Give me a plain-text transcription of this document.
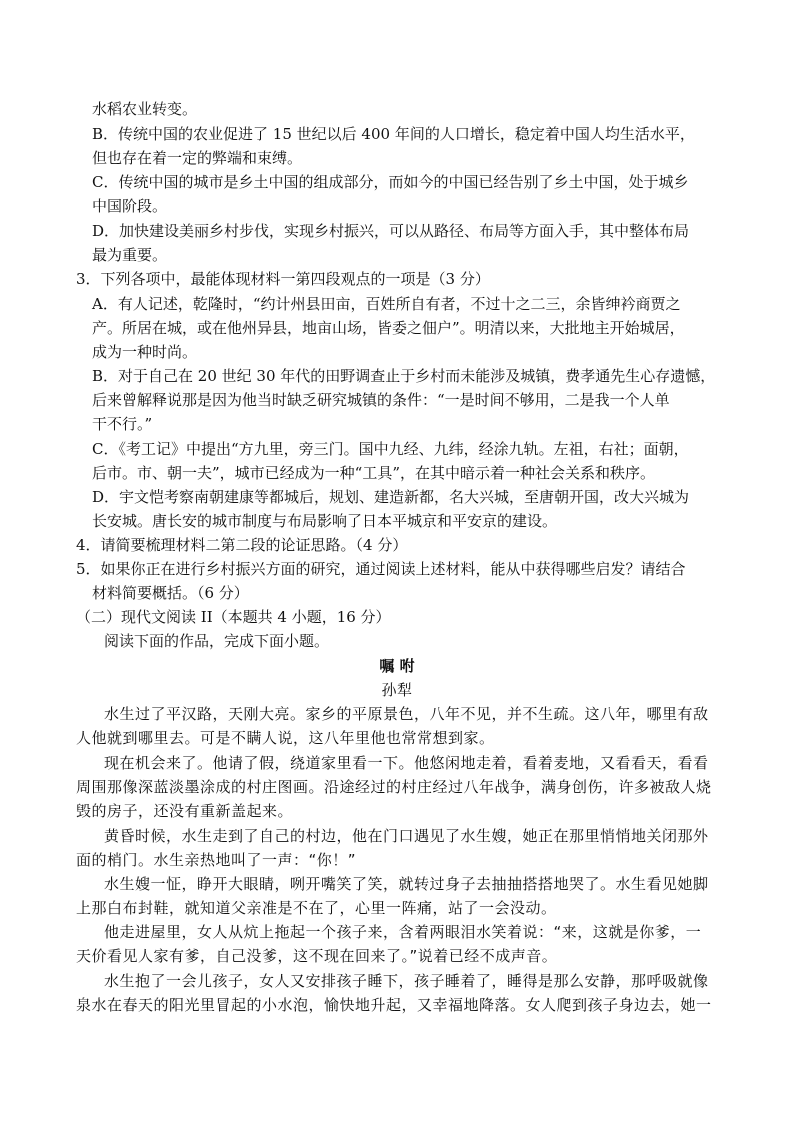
水稻农业转变。
B．传统中国的农业促进了 15 世纪以后 400 年间的人口增长，稳定着中国人均生活水平，
但也存在着一定的弊端和束缚。
C．传统中国的城市是乡土中国的组成部分，而如今的中国已经告别了乡土中国，处于城乡
中国阶段。
D．加快建设美丽乡村步伐，实现乡村振兴，可以从路径、布局等方面入手，其中整体布局
最为重要。
3．下列各项中，最能体现材料一第四段观点的一项是（3 分）
A．有人记述，乾隆时，“约计州县田亩，百姓所自有者，不过十之二三，余皆绅衿商贾之
产。所居在城，或在他州异县，地亩山场，皆委之佃户”。明清以来，大批地主开始城居，
成为一种时尚。
B．对于自己在 20 世纪 30 年代的田野调查止于乡村而未能涉及城镇，费孝通先生心存遗憾，
后来曾解释说那是因为他当时缺乏研究城镇的条件：“一是时间不够用，二是我一个人单
干不行。”
C．《考工记》中提出“方九里，旁三门。国中九经、九纬，经涂九轨。左祖，右社；面朝，
后市。市、朝一夫”，城市已经成为一种“工具”，在其中暗示着一种社会关系和秩序。
D．宇文恺考察南朝建康等都城后，规划、建造新都，名大兴城，至唐朝开国，改大兴城为
长安城。唐长安的城市制度与布局影响了日本平城京和平安京的建设。
4．请简要梳理材料二第二段的论证思路。（4 分）
5．如果你正在进行乡村振兴方面的研究，通过阅读上述材料，能从中获得哪些启发？请结合
材料简要概括。（6 分）
（二）现代文阅读 II（本题共 4 小题，16 分）
阅读下面的作品，完成下面小题。
嘱 咐
孙犁
水生过了平汉路，天刚大亮。家乡的平原景色，八年不见，并不生疏。这八年，哪里有敌
人他就到哪里去。可是不瞒人说，这八年里他也常常想到家。
现在机会来了。他请了假，绕道家里看一下。他悠闲地走着，看着麦地，又看看天，看看
周围那像深蓝淡墨涂成的村庄图画。沿途经过的村庄经过八年战争，满身创伤，许多被敌人烧
毁的房子，还没有重新盖起来。
黄昏时候，水生走到了自己的村边，他在门口遇见了水生嫂，她正在那里悄悄地关闭那外
面的梢门。水生亲热地叫了一声：“你！”
水生嫂一怔，睁开大眼睛，咧开嘴笑了笑，就转过身子去抽抽搭搭地哭了。水生看见她脚
上那白布封鞋，就知道父亲准是不在了，心里一阵痛，站了一会没动。
他走进屋里，女人从炕上拖起一个孩子来，含着两眼泪水笑着说：“来，这就是你爹，一
天价看见人家有爹，自己没爹，这不现在回来了。”说着已经不成声音。
水生抱了一会儿孩子，女人又安排孩子睡下，孩子睡着了，睡得是那么安静，那呼吸就像
泉水在春天的阳光里冒起的小水泡，愉快地升起，又幸福地降落。女人爬到孩子身边去，她一
